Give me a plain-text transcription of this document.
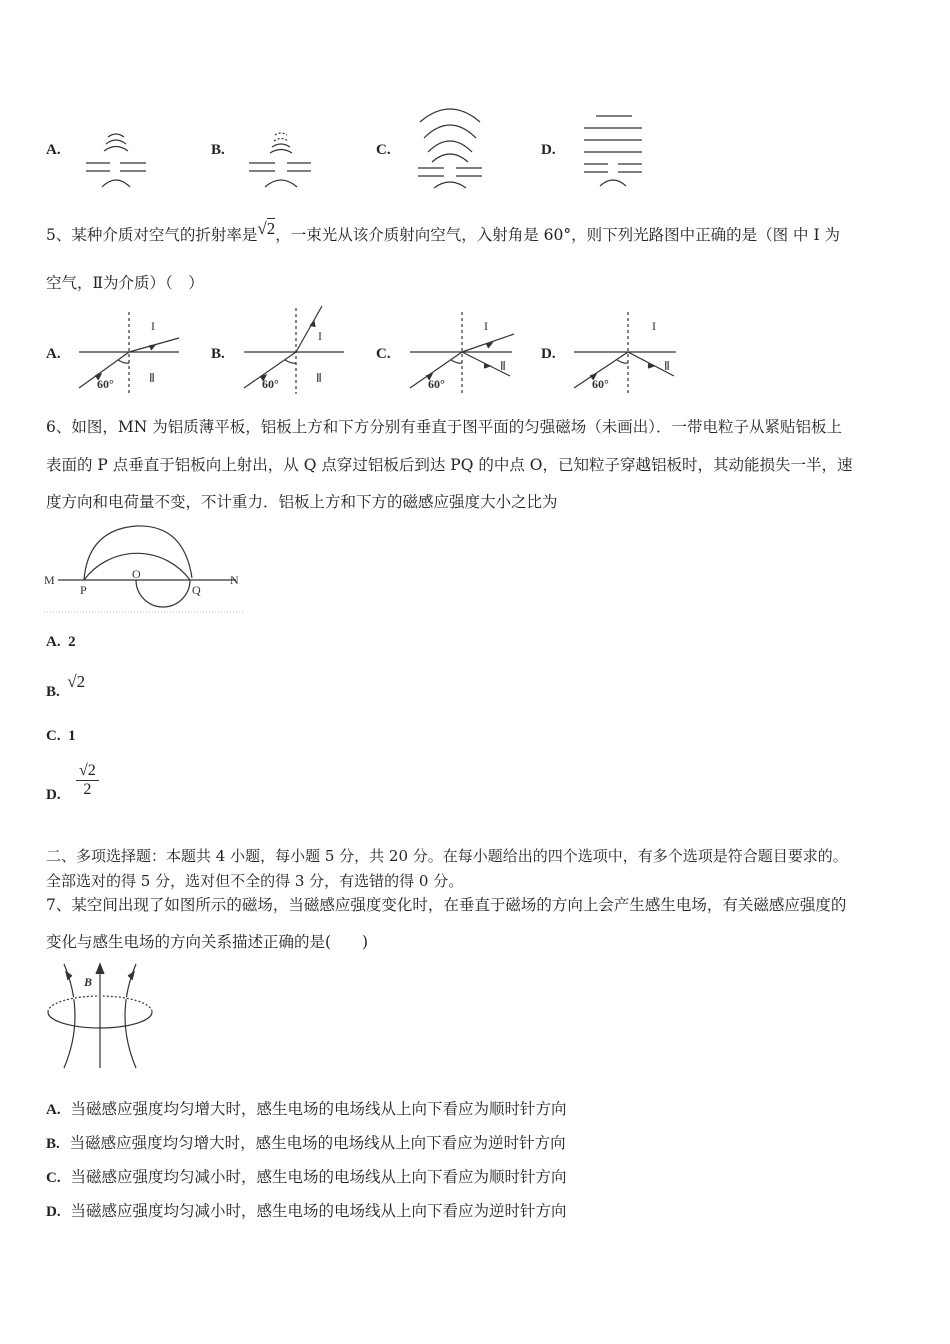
A.	B.	C.	D.
5、某种介质对空气的折射率是√2，一束光从该介质射向空气，入射角是 60°，则下列光路图中正确的是（图 中 I 为
空气，Ⅱ为介质）（　）
A.
I
Ⅱ
60°
B.
I
Ⅱ
60°
C.
I
Ⅱ
60°
D.
I
Ⅱ
60°
6、如图，MN 为铝质薄平板，铝板上方和下方分别有垂直于图平面的匀强磁场（未画出）．一带电粒子从紧贴铝板上
表面的 P 点垂直于铝板向上射出，从 Q 点穿过铝板后到达 PQ 的中点 O，已知粒子穿越铝板时，其动能损失一半，速
度方向和电荷量不变，不计重力．铝板上方和下方的磁感应强度大小之比为
M	N
P
O
Q
A. 2
B.  √2
C. 1
D. $\frac{√2}{2}$
二、多项选择题：本题共 4 小题，每小题 5 分，共 20 分。在每小题给出的四个选项中，有多个选项是符合题目要求的。
全部选对的得 5 分，选对但不全的得 3 分，有选错的得 0 分。
7、某空间出现了如图所示的磁场，当磁感应强度变化时，在垂直于磁场的方向上会产生感生电场，有关磁感应强度的
变化与感生电场的方向关系描述正确的是(　　)
B
A. 当磁感应强度均匀增大时，感生电场的电场线从上向下看应为顺时针方向
B. 当磁感应强度均匀增大时，感生电场的电场线从上向下看应为逆时针方向
C. 当磁感应强度均匀减小时，感生电场的电场线从上向下看应为顺时针方向
D. 当磁感应强度均匀减小时，感生电场的电场线从上向下看应为逆时针方向
